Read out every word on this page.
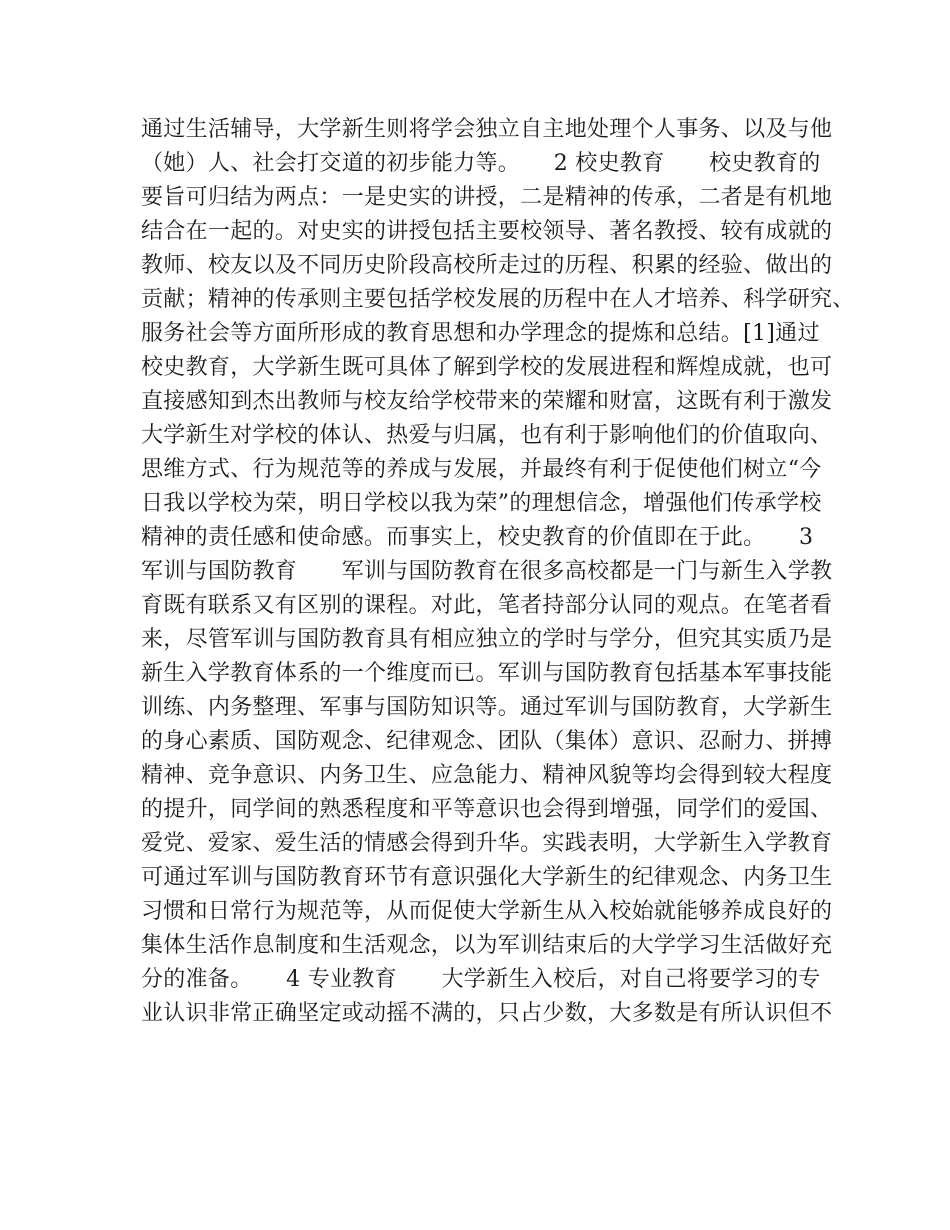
通过生活辅导，大学新生则将学会独立自主地处理个人事务、以及与他
（她）人、社会打交道的初步能力等。　　2 校史教育　　校史教育的
要旨可归结为两点：一是史实的讲授，二是精神的传承，二者是有机地
结合在一起的。对史实的讲授包括主要校领导、著名教授、较有成就的
教师、校友以及不同历史阶段高校所走过的历程、积累的经验、做出的
贡献；精神的传承则主要包括学校发展的历程中在人才培养、科学研究、
服务社会等方面所形成的教育思想和办学理念的提炼和总结。[1]通过
校史教育，大学新生既可具体了解到学校的发展进程和辉煌成就，也可
直接感知到杰出教师与校友给学校带来的荣耀和财富，这既有利于激发
大学新生对学校的体认、热爱与归属，也有利于影响他们的价值取向、
思维方式、行为规范等的养成与发展，并最终有利于促使他们树立“今
日我以学校为荣，明日学校以我为荣”的理想信念，增强他们传承学校
精神的责任感和使命感。而事实上，校史教育的价值即在于此。　　3
军训与国防教育　　军训与国防教育在很多高校都是一门与新生入学教
育既有联系又有区别的课程。对此，笔者持部分认同的观点。在笔者看
来，尽管军训与国防教育具有相应独立的学时与学分，但究其实质乃是
新生入学教育体系的一个维度而已。军训与国防教育包括基本军事技能
训练、内务整理、军事与国防知识等。通过军训与国防教育，大学新生
的身心素质、国防观念、纪律观念、团队（集体）意识、忍耐力、拼搏
精神、竞争意识、内务卫生、应急能力、精神风貌等均会得到较大程度
的提升，同学间的熟悉程度和平等意识也会得到增强，同学们的爱国、
爱党、爱家、爱生活的情感会得到升华。实践表明，大学新生入学教育
可通过军训与国防教育环节有意识强化大学新生的纪律观念、内务卫生
习惯和日常行为规范等，从而促使大学新生从入校始就能够养成良好的
集体生活作息制度和生活观念，以为军训结束后的大学学习生活做好充
分的准备。　　4 专业教育　　大学新生入校后，对自己将要学习的专
业认识非常正确坚定或动摇不满的，只占少数，大多数是有所认识但不
